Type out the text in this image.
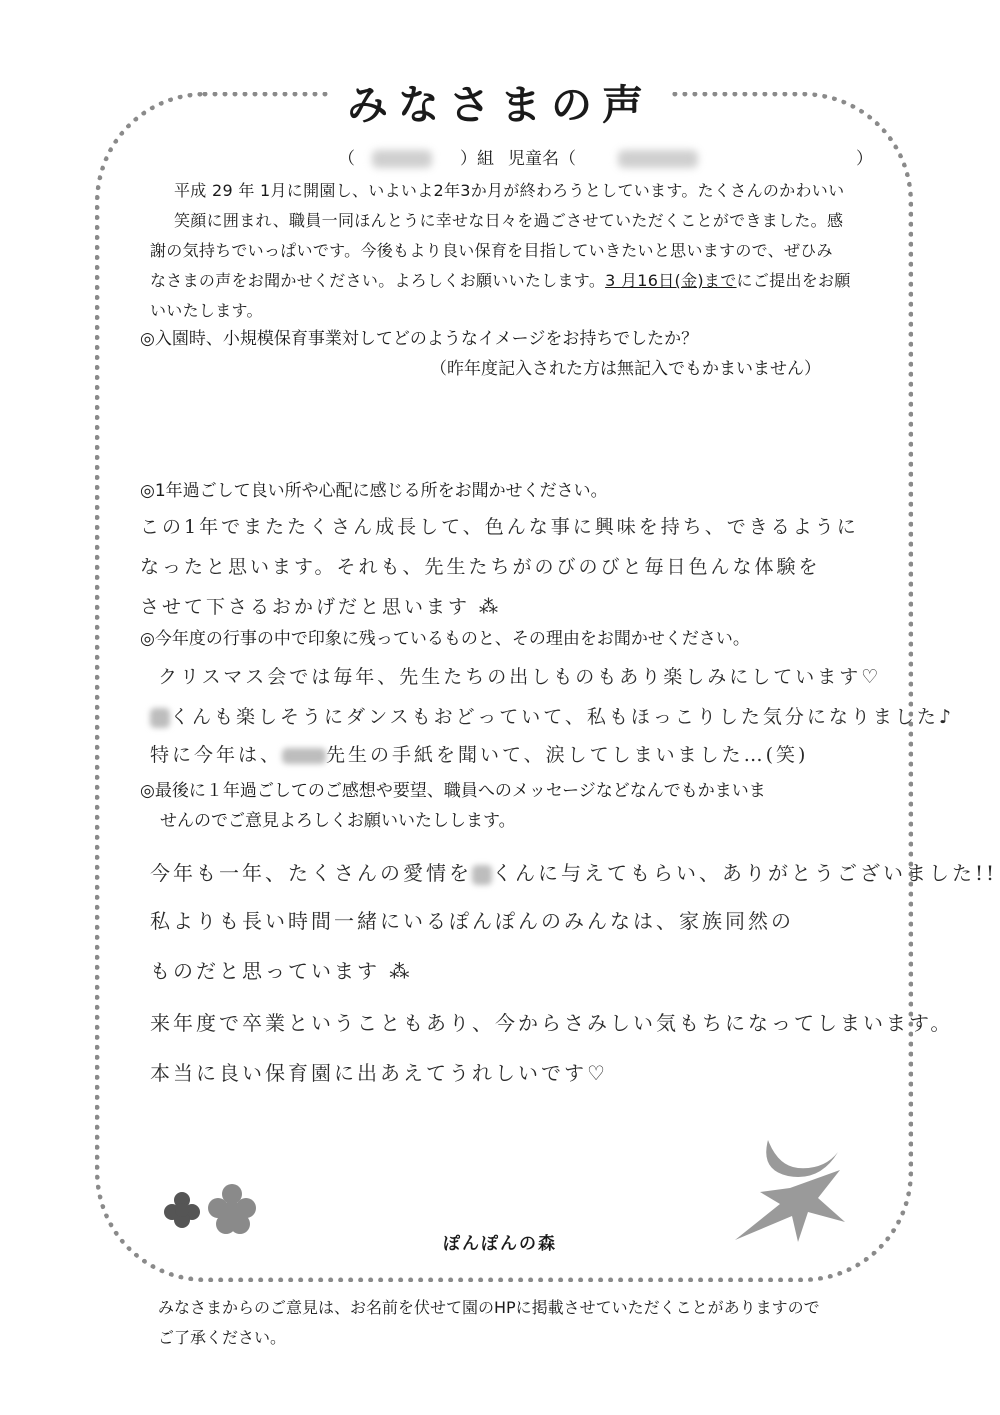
みなさまの声
（	）組 児童名（	）
平成 29 年 1月に開園し、いよいよ2年3か月が終わろうとしています。たくさんのかわいい
笑顔に囲まれ、職員一同ほんとうに幸せな日々を過ごさせていただくことができました。感
謝の気持ちでいっぱいです。今後もより良い保育を目指していきたいと思いますので、ぜひみ
なさまの声をお聞かせください。よろしくお願いいたします。3 月16日(金)までにご提出をお願
いいたします。
◎入園時、小規模保育事業対してどのようなイメージをお持ちでしたか？
（昨年度記入された方は無記入でもかまいません）
◎1年過ごして良い所や心配に感じる所をお聞かせください。
この1年でまたたくさん成長して、色んな事に興味を持ち、できるように
なったと思います。それも、先生たちがのびのびと毎日色んな体験を
させて下さるおかげだと思います ⁂
◎今年度の行事の中で印象に残っているものと、その理由をお聞かせください。
クリスマス会では毎年、先生たちの出しものもあり楽しみにしています♡
くんも楽しそうにダンスもおどっていて、私もほっこりした気分になりました♪
特に今年は、 先生の手紙を聞いて、涙してしまいました…(笑)
◎最後に１年過ごしてのご感想や要望、職員へのメッセージなどなんでもかまいま
せんのでご意見よろしくお願いいたしします。
今年も一年、たくさんの愛情を くんに与えてもらい、ありがとうございました!!
私よりも長い時間一緒にいるぽんぽんのみんなは、家族同然の
ものだと思っています ⁂
来年度で卒業ということもあり、今からさみしい気もちになってしまいます。
本当に良い保育園に出あえてうれしいです♡
ぽんぽんの森
みなさまからのご意見は、お名前を伏せて園のHPに掲載させていただくことがありますので
ご了承ください。
